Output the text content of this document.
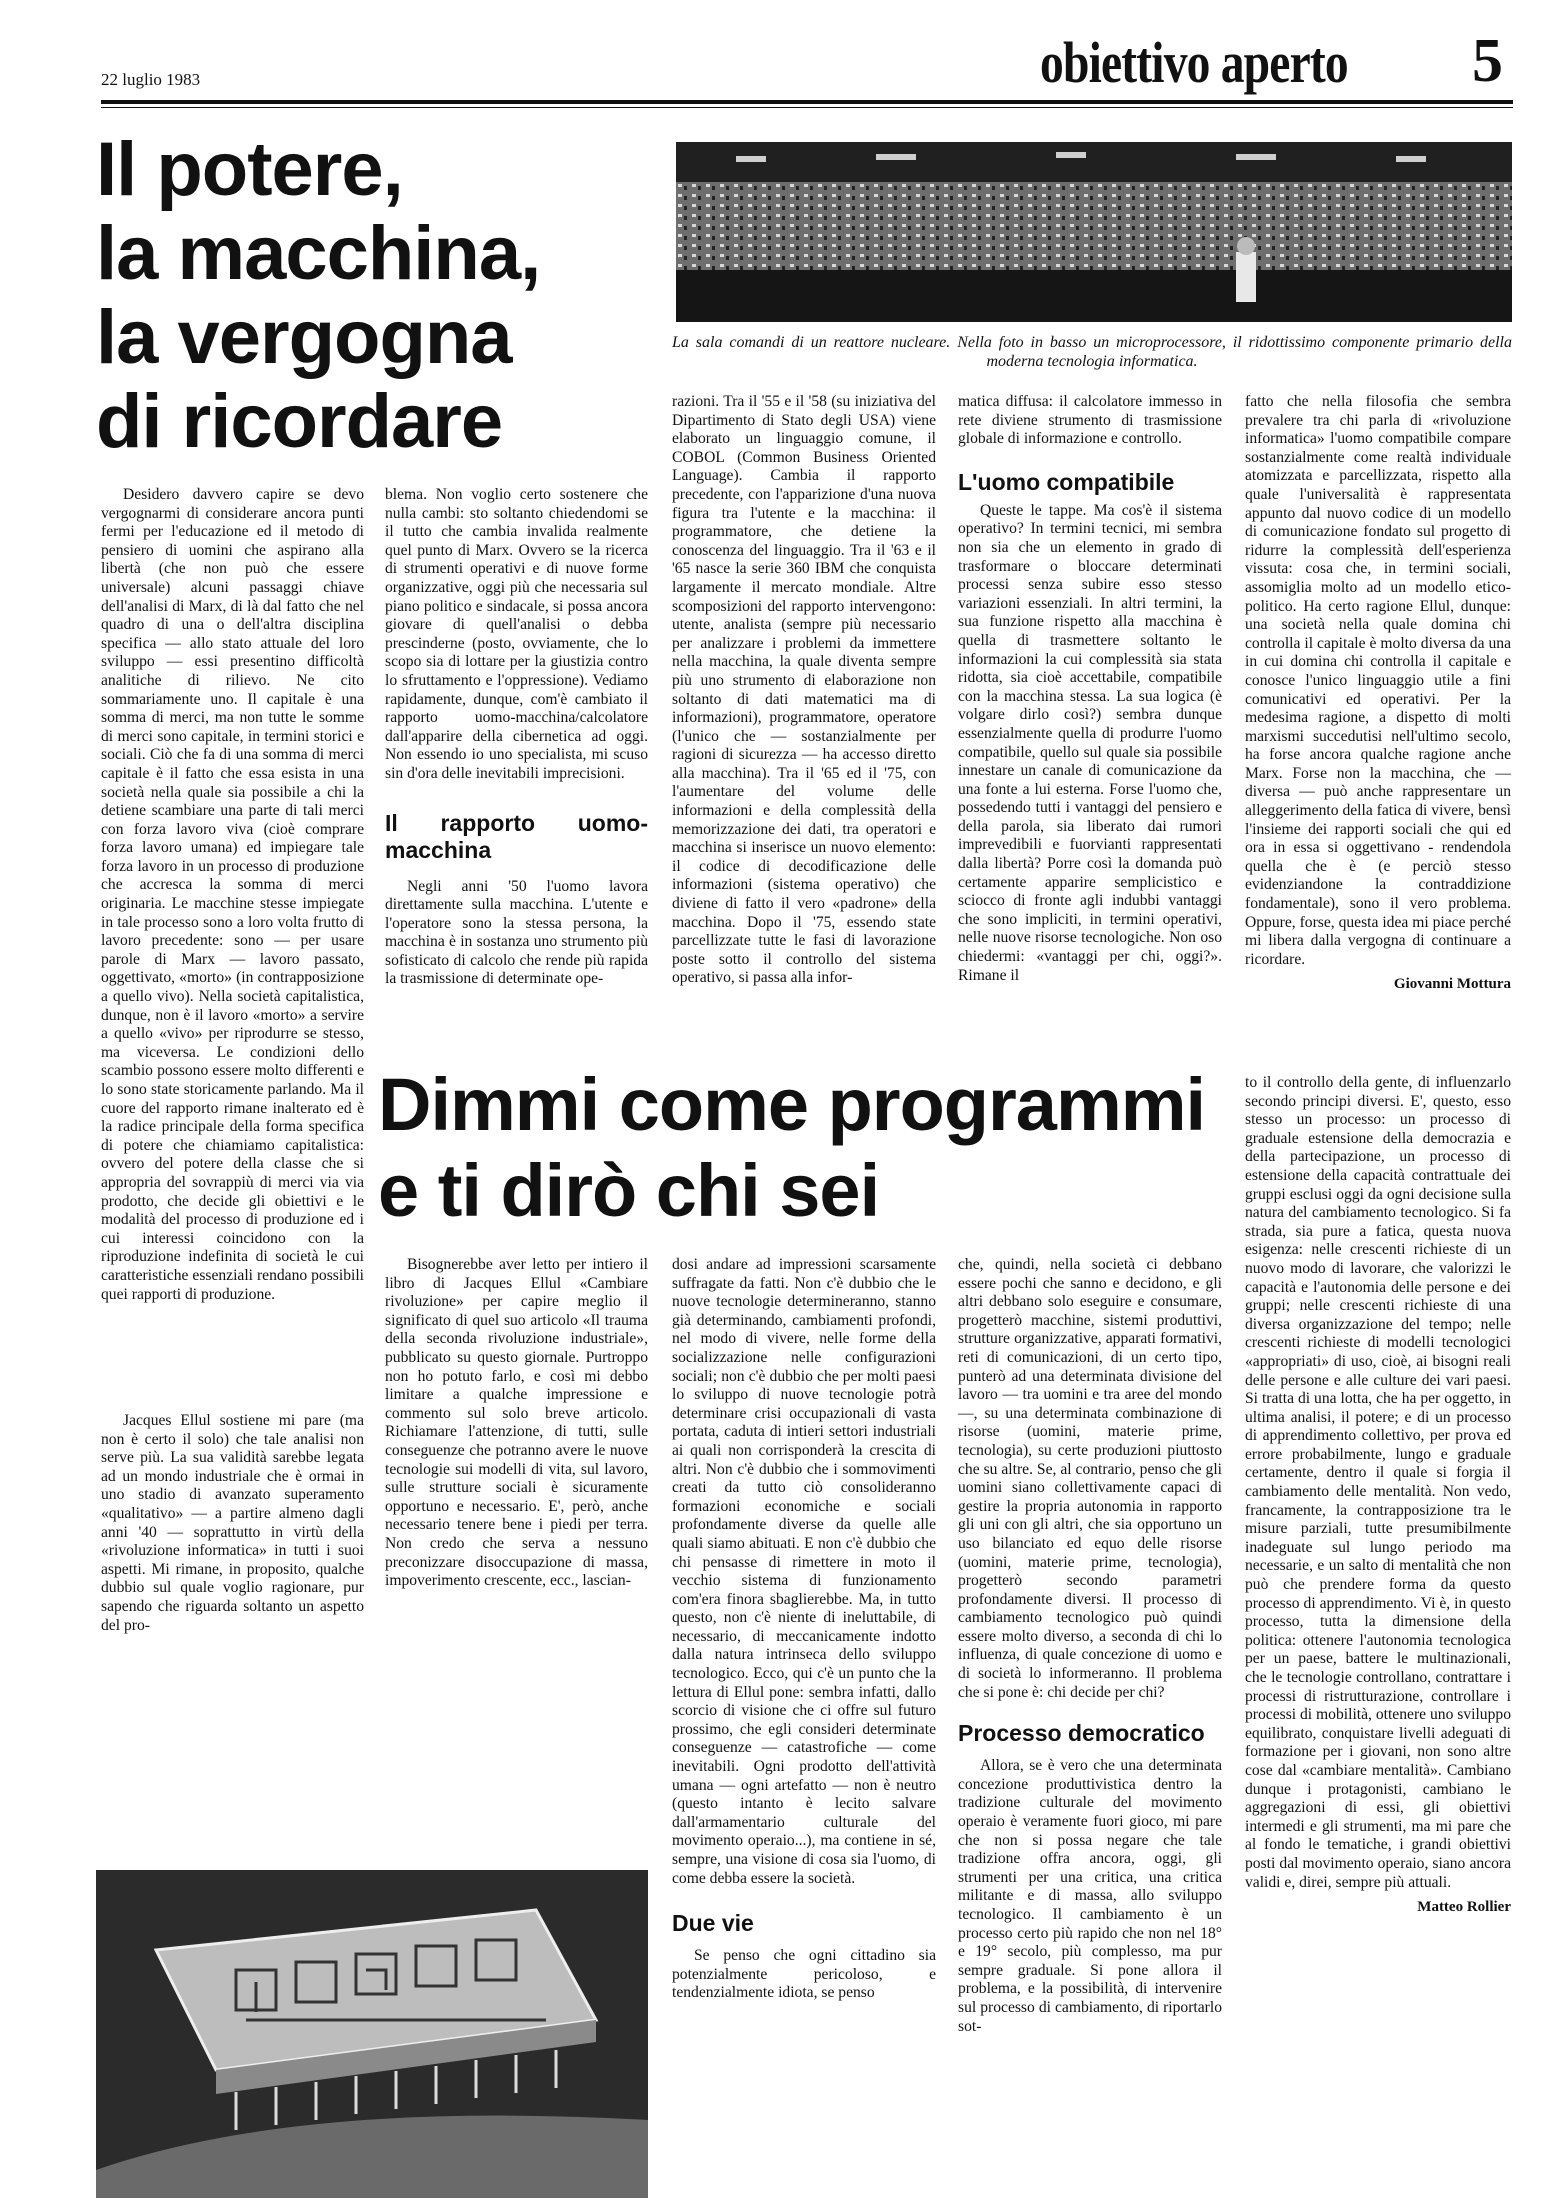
22 luglio 1983	obiettivo aperto 5
Il potere,
la macchina,
la vergogna
di ricordare
La sala comandi di un reattore nucleare. Nella foto in basso un microprocessore, il ridottissimo componente primario della moderna tecnologia informatica.

Desidero davvero capire se devo vergognarmi di considerare ancora punti fermi per l'educazione ed il metodo di pensiero di uomini che aspirano alla libertà (che non può che essere universale) alcuni passaggi chiave dell'analisi di Marx, di là dal fatto che nel quadro di una o dell'altra disciplina specifica — allo stato attuale del loro sviluppo — essi presentino difficoltà analitiche di rilievo. Ne cito sommariamente uno. Il capitale è una somma di merci, ma non tutte le somme di merci sono capitale, in termini storici e sociali. Ciò che fa di una somma di merci capitale è il fatto che essa esista in una società nella quale sia possibile a chi la detiene scambiare una parte di tali merci con forza lavoro viva (cioè comprare forza lavoro umana) ed impiegare tale forza lavoro in un processo di produzione che accresca la somma di merci originaria. Le macchine stesse impiegate in tale processo sono a loro volta frutto di lavoro precedente: sono — per usare parole di Marx — lavoro passato, oggettivato, «morto» (in contrapposizione a quello vivo). Nella società capitalistica, dunque, non è il lavoro «morto» a servire a quello «vivo» per riprodurre se stesso, ma viceversa. Le condizioni dello scambio possono essere molto differenti e lo sono state storicamente parlando. Ma il cuore del rapporto rimane inalterato ed è la radice principale della forma specifica di potere che chiamiamo capitalistica: ovvero del potere della classe che si appropria del sovrappiù di merci via via prodotto, che decide gli obiettivi e le modalità del processo di produzione ed i cui interessi coincidono con la riproduzione indefinita di società le cui caratteristiche essenziali rendano possibili quei rapporti di produzione.

Jacques Ellul sostiene mi pare (ma non è certo il solo) che tale analisi non serve più. La sua validità sarebbe legata ad un mondo industriale che è ormai in uno stadio di avanzato superamento «qualitativo» — a partire almeno dagli anni '40 — soprattutto in virtù della «rivoluzione informatica» in tutti i suoi aspetti. Mi rimane, in proposito, qualche dubbio sul quale voglio ragionare, pur sapendo che riguarda soltanto un aspetto del pro-

blema. Non voglio certo sostenere che nulla cambi: sto soltanto chiedendomi se il tutto che cambia invalida realmente quel punto di Marx. Ovvero se la ricerca di strumenti operativi e di nuove forme organizzative, oggi più che necessaria sul piano politico e sindacale, si possa ancora giovare di quell'analisi o debba prescinderne (posto, ovviamente, che lo scopo sia di lottare per la giustizia contro lo sfruttamento e l'oppressione). Vediamo rapidamente, dunque, com'è cambiato il rapporto uomo-macchina/calcolatore dall'apparire della cibernetica ad oggi. Non essendo io uno specialista, mi scuso sin d'ora delle inevitabili imprecisioni.

Il rapporto uomo-macchina

Negli anni '50 l'uomo lavora direttamente sulla macchina. L'utente e l'operatore sono la stessa persona, la macchina è in sostanza uno strumento più sofisticato di calcolo che rende più rapida la trasmissione di determinate ope-

razioni. Tra il '55 e il '58 (su iniziativa del Dipartimento di Stato degli USA) viene elaborato un linguaggio comune, il COBOL (Common Business Oriented Language). Cambia il rapporto precedente, con l'apparizione d'una nuova figura tra l'utente e la macchina: il programmatore, che detiene la conoscenza del linguaggio. Tra il '63 e il '65 nasce la serie 360 IBM che conquista largamente il mercato mondiale. Altre scomposizioni del rapporto intervengono: utente, analista (sempre più necessario per analizzare i problemi da immettere nella macchina, la quale diventa sempre più uno strumento di elaborazione non soltanto di dati matematici ma di informazioni), programmatore, operatore (l'unico che — sostanzialmente per ragioni di sicurezza — ha accesso diretto alla macchina). Tra il '65 ed il '75, con l'aumentare del volume delle informazioni e della complessità della memorizzazione dei dati, tra operatori e macchina si inserisce un nuovo elemento: il codice di decodificazione delle informazioni (sistema operativo) che diviene di fatto il vero «padrone» della macchina. Dopo il '75, essendo state parcellizzate tutte le fasi di lavorazione poste sotto il controllo del sistema operativo, si passa alla infor-

matica diffusa: il calcolatore immesso in rete diviene strumento di trasmissione globale di informazione e controllo.

L'uomo compatibile

Queste le tappe. Ma cos'è il sistema operativo? In termini tecnici, mi sembra non sia che un elemento in grado di trasformare o bloccare determinati processi senza subire esso stesso variazioni essenziali. In altri termini, la sua funzione rispetto alla macchina è quella di trasmettere soltanto le informazioni la cui complessità sia stata ridotta, sia cioè accettabile, compatibile con la macchina stessa. La sua logica (è volgare dirlo così?) sembra dunque essenzialmente quella di produrre l'uomo compatibile, quello sul quale sia possibile innestare un canale di comunicazione da una fonte a lui esterna. Forse l'uomo che, possedendo tutti i vantaggi del pensiero e della parola, sia liberato dai rumori imprevedibili e fuorvianti rappresentati dalla libertà? Porre così la domanda può certamente apparire semplicistico e sciocco di fronte agli indubbi vantaggi che sono impliciti, in termini operativi, nelle nuove risorse tecnologiche. Non oso chiedermi: «vantaggi per chi, oggi?». Rimane il

fatto che nella filosofia che sembra prevalere tra chi parla di «rivoluzione informatica» l'uomo compatibile compare sostanzialmente come realtà individuale atomizzata e parcellizzata, rispetto alla quale l'universalità è rappresentata appunto dal nuovo codice di un modello di comunicazione fondato sul progetto di ridurre la complessità dell'esperienza vissuta: cosa che, in termini sociali, assomiglia molto ad un modello etico-politico. Ha certo ragione Ellul, dunque: una società nella quale domina chi controlla il capitale è molto diversa da una in cui domina chi controlla il capitale e conosce l'unico linguaggio utile a fini comunicativi ed operativi. Per la medesima ragione, a dispetto di molti marxismi succedutisi nell'ultimo secolo, ha forse ancora qualche ragione anche Marx. Forse non la macchina, che — diversa — può anche rappresentare un alleggerimento della fatica di vivere, bensì l'insieme dei rapporti sociali che qui ed ora in essa si oggettivano - rendendola quella che è (e perciò stesso evidenziandone la contraddizione fondamentale), sono il vero problema. Oppure, forse, questa idea mi piace perché mi libera dalla vergogna di continuare a ricordare.

Giovanni Mottura
Dimmi come programmi
e ti dirò chi sei

Bisognerebbe aver letto per intiero il libro di Jacques Ellul «Cambiare rivoluzione» per capire meglio il significato di quel suo articolo «Il trauma della seconda rivoluzione industriale», pubblicato su questo giornale. Purtroppo non ho potuto farlo, e così mi debbo limitare a qualche impressione e commento sul solo breve articolo. Richiamare l'attenzione, di tutti, sulle conseguenze che potranno avere le nuove tecnologie sui modelli di vita, sul lavoro, sulle strutture sociali è sicuramente opportuno e necessario. E', però, anche necessario tenere bene i piedi per terra. Non credo che serva a nessuno preconizzare disoccupazione di massa, impoverimento crescente, ecc., lascian-

dosi andare ad impressioni scarsamente suffragate da fatti. Non c'è dubbio che le nuove tecnologie determineranno, stanno già determinando, cambiamenti profondi, nel modo di vivere, nelle forme della socializzazione nelle configurazioni sociali; non c'è dubbio che per molti paesi lo sviluppo di nuove tecnologie potrà determinare crisi occupazionali di vasta portata, caduta di intieri settori industriali ai quali non corrisponderà la crescita di altri. Non c'è dubbio che i sommovimenti creati da tutto ciò consolideranno formazioni economiche e sociali profondamente diverse da quelle alle quali siamo abituati. E non c'è dubbio che chi pensasse di rimettere in moto il vecchio sistema di funzionamento com'era finora sbaglierebbe. Ma, in tutto questo, non c'è niente di ineluttabile, di necessario, di meccanicamente indotto dalla natura intrinseca dello sviluppo tecnologico. Ecco, qui c'è un punto che la lettura di Ellul pone: sembra infatti, dallo scorcio di visione che ci offre sul futuro prossimo, che egli consideri determinate conseguenze — catastrofiche — come inevitabili. Ogni prodotto dell'attività umana — ogni artefatto — non è neutro (questo intanto è lecito salvare dall'armamentario culturale del movimento operaio...), ma contiene in sé, sempre, una visione di cosa sia l'uomo, di come debba essere la società.

Due vie

Se penso che ogni cittadino sia potenzialmente pericoloso, e tendenzialmente idiota, se penso

che, quindi, nella società ci debbano essere pochi che sanno e decidono, e gli altri debbano solo eseguire e consumare, progetterò macchine, sistemi produttivi, strutture organizzative, apparati formativi, reti di comunicazioni, di un certo tipo, punterò ad una determinata divisione del lavoro — tra uomini e tra aree del mondo —, su una determinata combinazione di risorse (uomini, materie prime, tecnologia), su certe produzioni piuttosto che su altre. Se, al contrario, penso che gli uomini siano collettivamente capaci di gestire la propria autonomia in rapporto gli uni con gli altri, che sia opportuno un uso bilanciato ed equo delle risorse (uomini, materie prime, tecnologia), progetterò secondo parametri profondamente diversi. Il processo di cambiamento tecnologico può quindi essere molto diverso, a seconda di chi lo influenza, di quale concezione di uomo e di società lo informeranno. Il problema che si pone è: chi decide per chi?

Processo democratico

Allora, se è vero che una determinata concezione produttivistica dentro la tradizione culturale del movimento operaio è veramente fuori gioco, mi pare che non si possa negare che tale tradizione offra ancora, oggi, gli strumenti per una critica, una critica militante e di massa, allo sviluppo tecnologico. Il cambiamento è un processo certo più rapido che non nel 18° e 19° secolo, più complesso, ma pur sempre graduale. Si pone allora il problema, e la possibilità, di intervenire sul processo di cambiamento, di riportarlo sot-

to il controllo della gente, di influenzarlo secondo principi diversi. E', questo, esso stesso un processo: un processo di graduale estensione della democrazia e della partecipazione, un processo di estensione della capacità contrattuale dei gruppi esclusi oggi da ogni decisione sulla natura del cambiamento tecnologico. Si fa strada, sia pure a fatica, questa nuova esigenza: nelle crescenti richieste di un nuovo modo di lavorare, che valorizzi le capacità e l'autonomia delle persone e dei gruppi; nelle crescenti richieste di una diversa organizzazione del tempo; nelle crescenti richieste di modelli tecnologici «appropriati» di uso, cioè, ai bisogni reali delle persone e alle culture dei vari paesi. Si tratta di una lotta, che ha per oggetto, in ultima analisi, il potere; e di un processo di apprendimento collettivo, per prova ed errore probabilmente, lungo e graduale certamente, dentro il quale si forgia il cambiamento delle mentalità. Non vedo, francamente, la contrapposizione tra le misure parziali, tutte presumibilmente inadeguate sul lungo periodo ma necessarie, e un salto di mentalità che non può che prendere forma da questo processo di apprendimento. Vi è, in questo processo, tutta la dimensione della politica: ottenere l'autonomia tecnologica per un paese, battere le multinazionali, che le tecnologie controllano, contrattare i processi di ristrutturazione, controllare i processi di mobilità, ottenere uno sviluppo equilibrato, conquistare livelli adeguati di formazione per i giovani, non sono altre cose dal «cambiare mentalità». Cambiano dunque i protagonisti, cambiano le aggregazioni di essi, gli obiettivi intermedi e gli strumenti, ma mi pare che al fondo le tematiche, i grandi obiettivi posti dal movimento operaio, siano ancora validi e, direi, sempre più attuali.

Matteo Rollier
